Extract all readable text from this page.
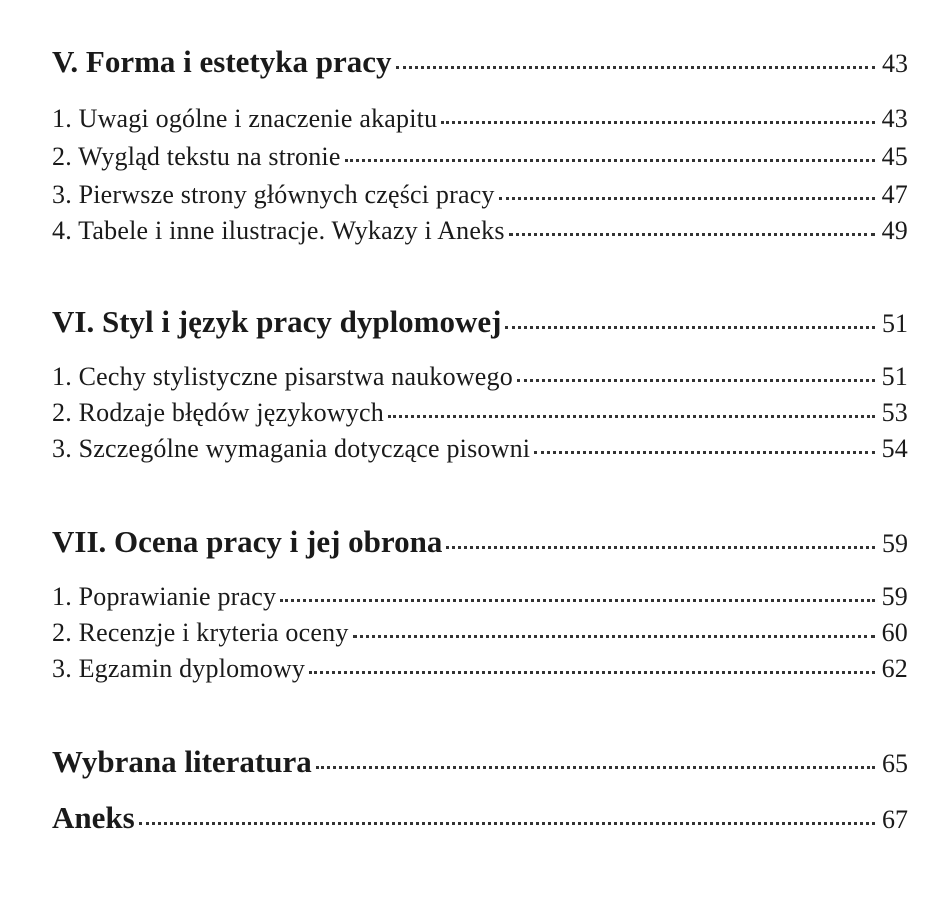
V. Forma i estetyka pracy	43
1. Uwagi ogólne i znaczenie akapitu	43
2. Wygląd tekstu na stronie	45
3. Pierwsze strony głównych części pracy	47
4. Tabele i inne ilustracje. Wykazy i Aneks	49
VI. Styl i język pracy dyplomowej	51
1. Cechy stylistyczne pisarstwa naukowego	51
2. Rodzaje błędów językowych	53
3. Szczególne wymagania dotyczące pisowni	54
VII. Ocena pracy i jej obrona	59
1. Poprawianie pracy	59
2. Recenzje i kryteria oceny	60
3. Egzamin dyplomowy	62
Wybrana literatura	65
Aneks	67
